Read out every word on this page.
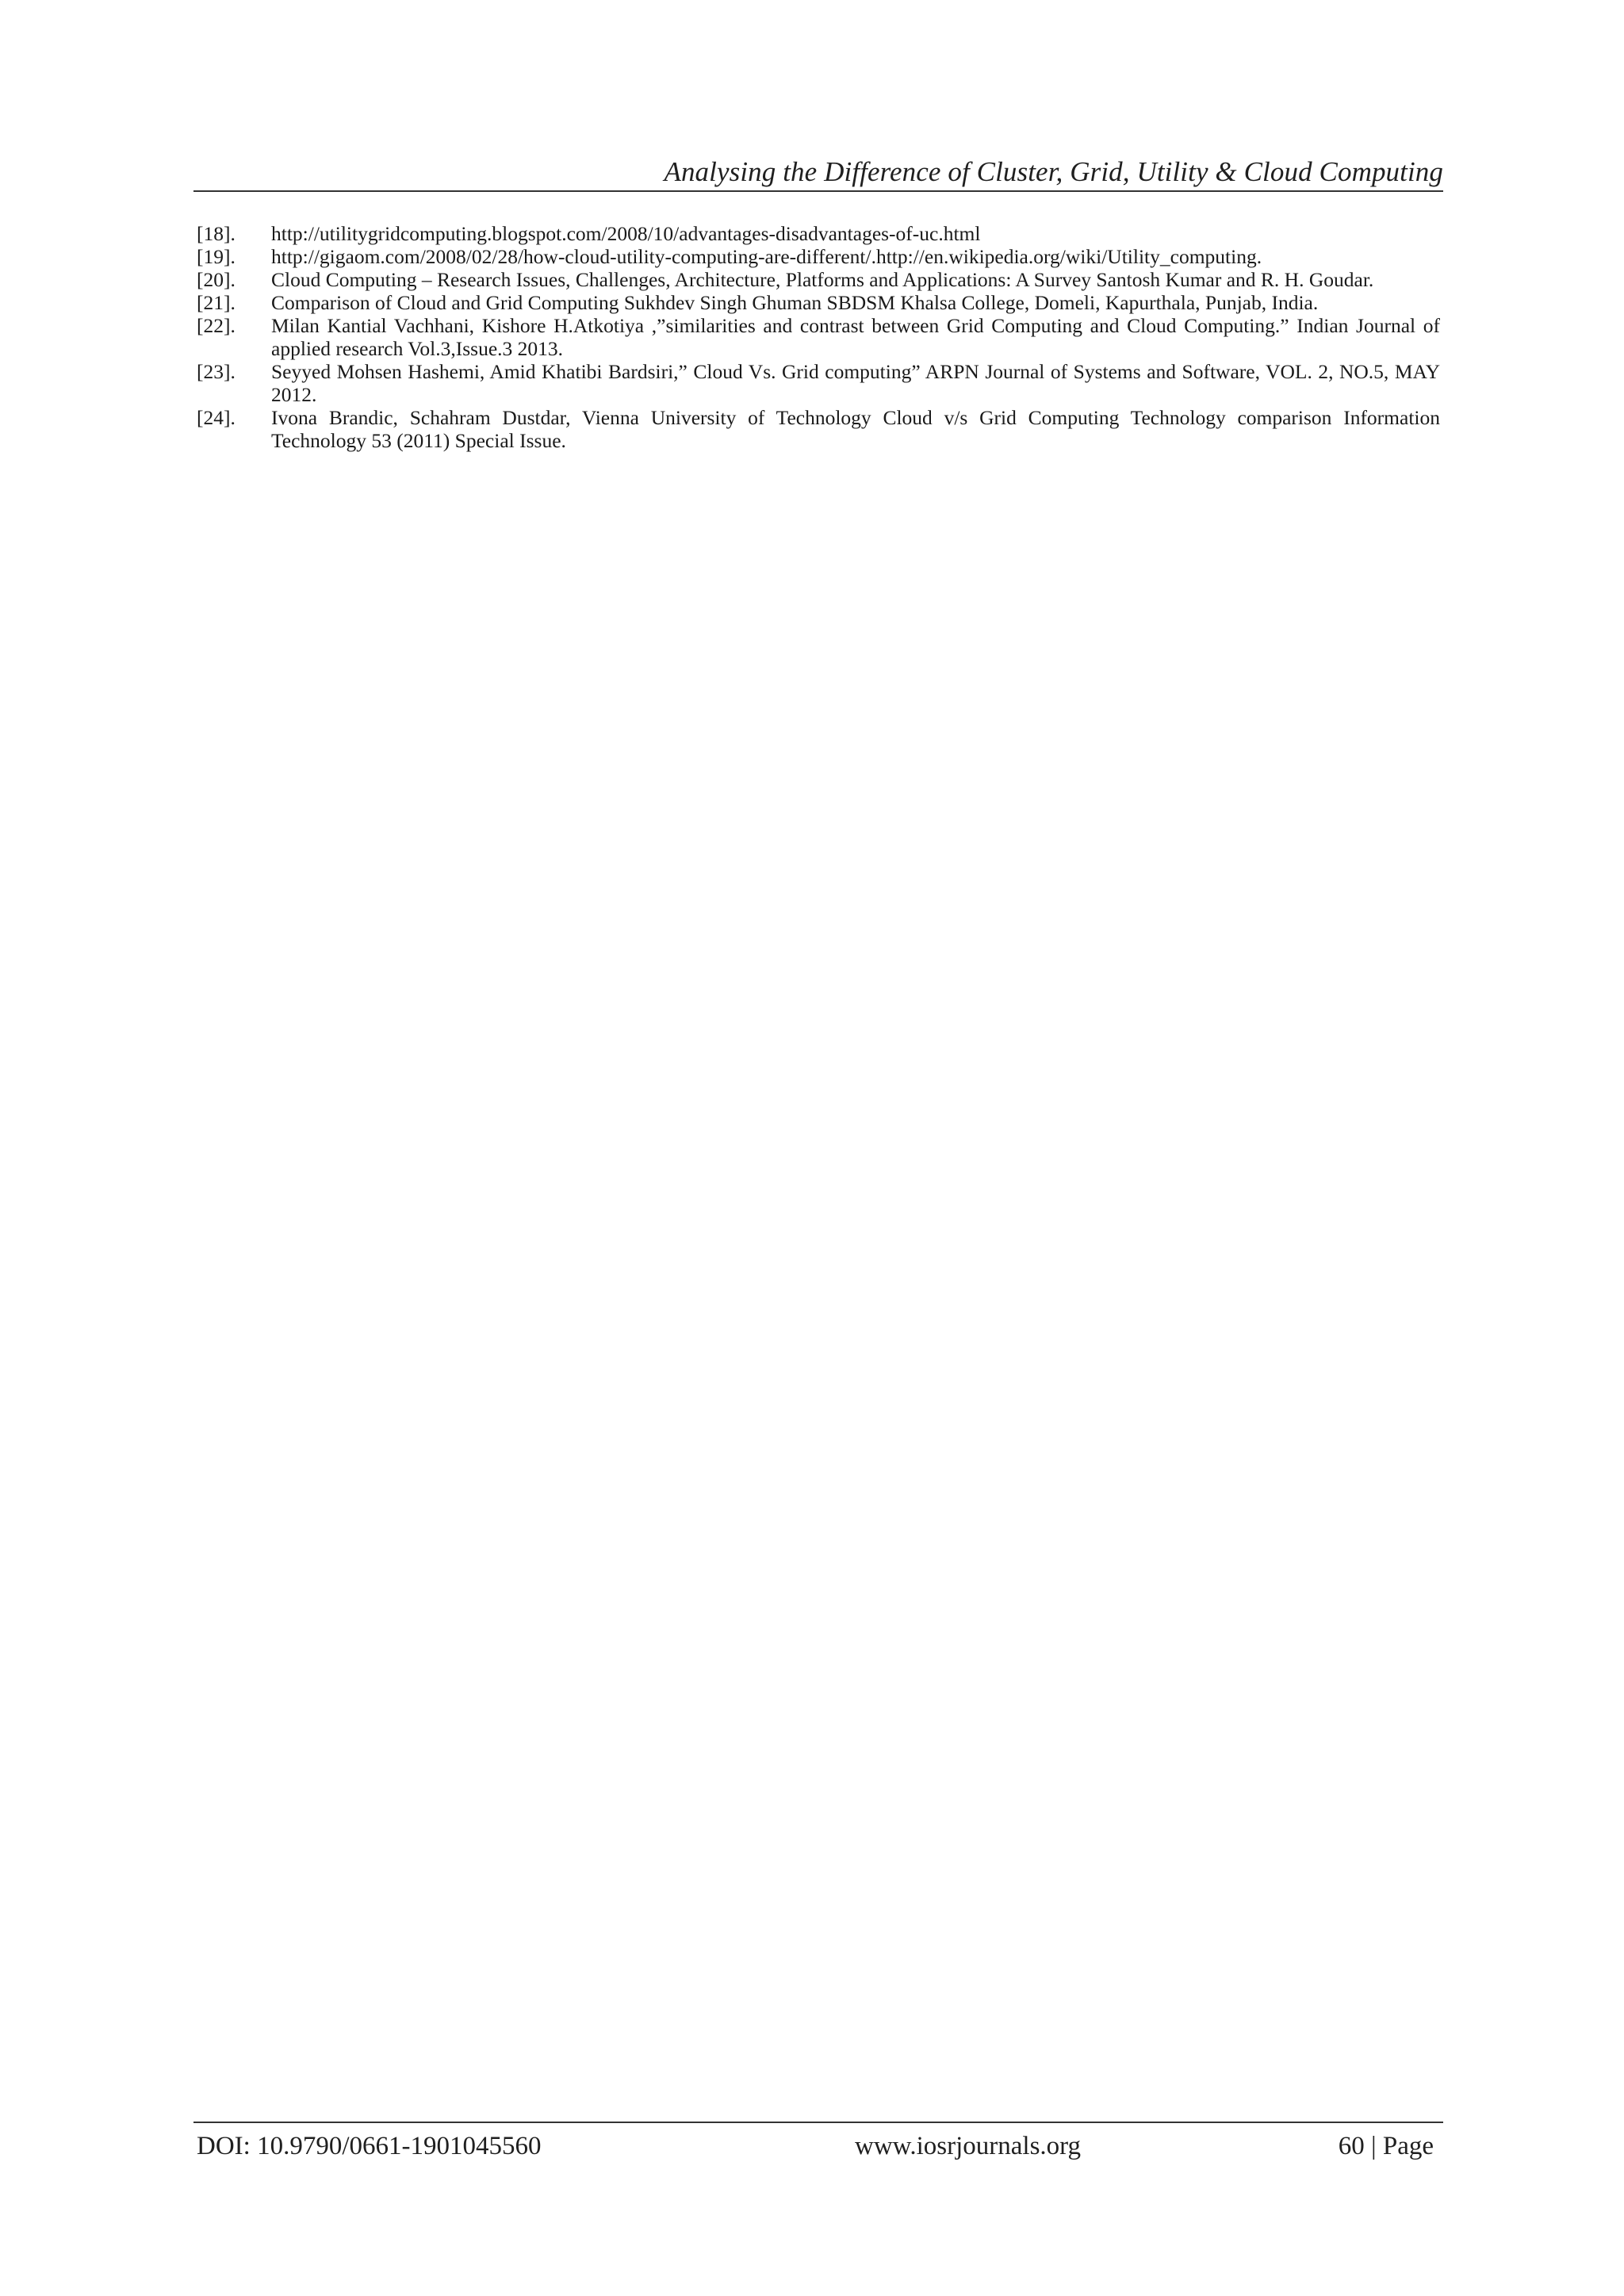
Analysing the Difference of Cluster, Grid, Utility & Cloud Computing
[18].	http://utilitygridcomputing.blogspot.com/2008/10/advantages-disadvantages-of-uc.html
[19].	http://gigaom.com/2008/02/28/how-cloud-utility-computing-are-different/.http://en.wikipedia.org/wiki/Utility_computing.
[20].	Cloud Computing – Research Issues, Challenges, Architecture, Platforms and Applications: A Survey Santosh Kumar and R. H. Goudar.
[21].	Comparison of Cloud and Grid Computing Sukhdev Singh Ghuman SBDSM Khalsa College, Domeli, Kapurthala, Punjab, India.
[22].	Milan Kantial Vachhani, Kishore H.Atkotiya ,”similarities and contrast between Grid Computing and Cloud Computing.” Indian Journal of applied research Vol.3,Issue.3 2013.
[23].	Seyyed Mohsen Hashemi, Amid Khatibi Bardsiri,” Cloud Vs. Grid computing” ARPN Journal of Systems and Software, VOL. 2, NO.5, MAY 2012.
[24].	Ivona Brandic, Schahram Dustdar, Vienna University of Technology Cloud v/s Grid Computing Technology comparison Information Technology 53 (2011) Special Issue.
DOI: 10.9790/0661-1901045560	www.iosrjournals.org	60 | Page
